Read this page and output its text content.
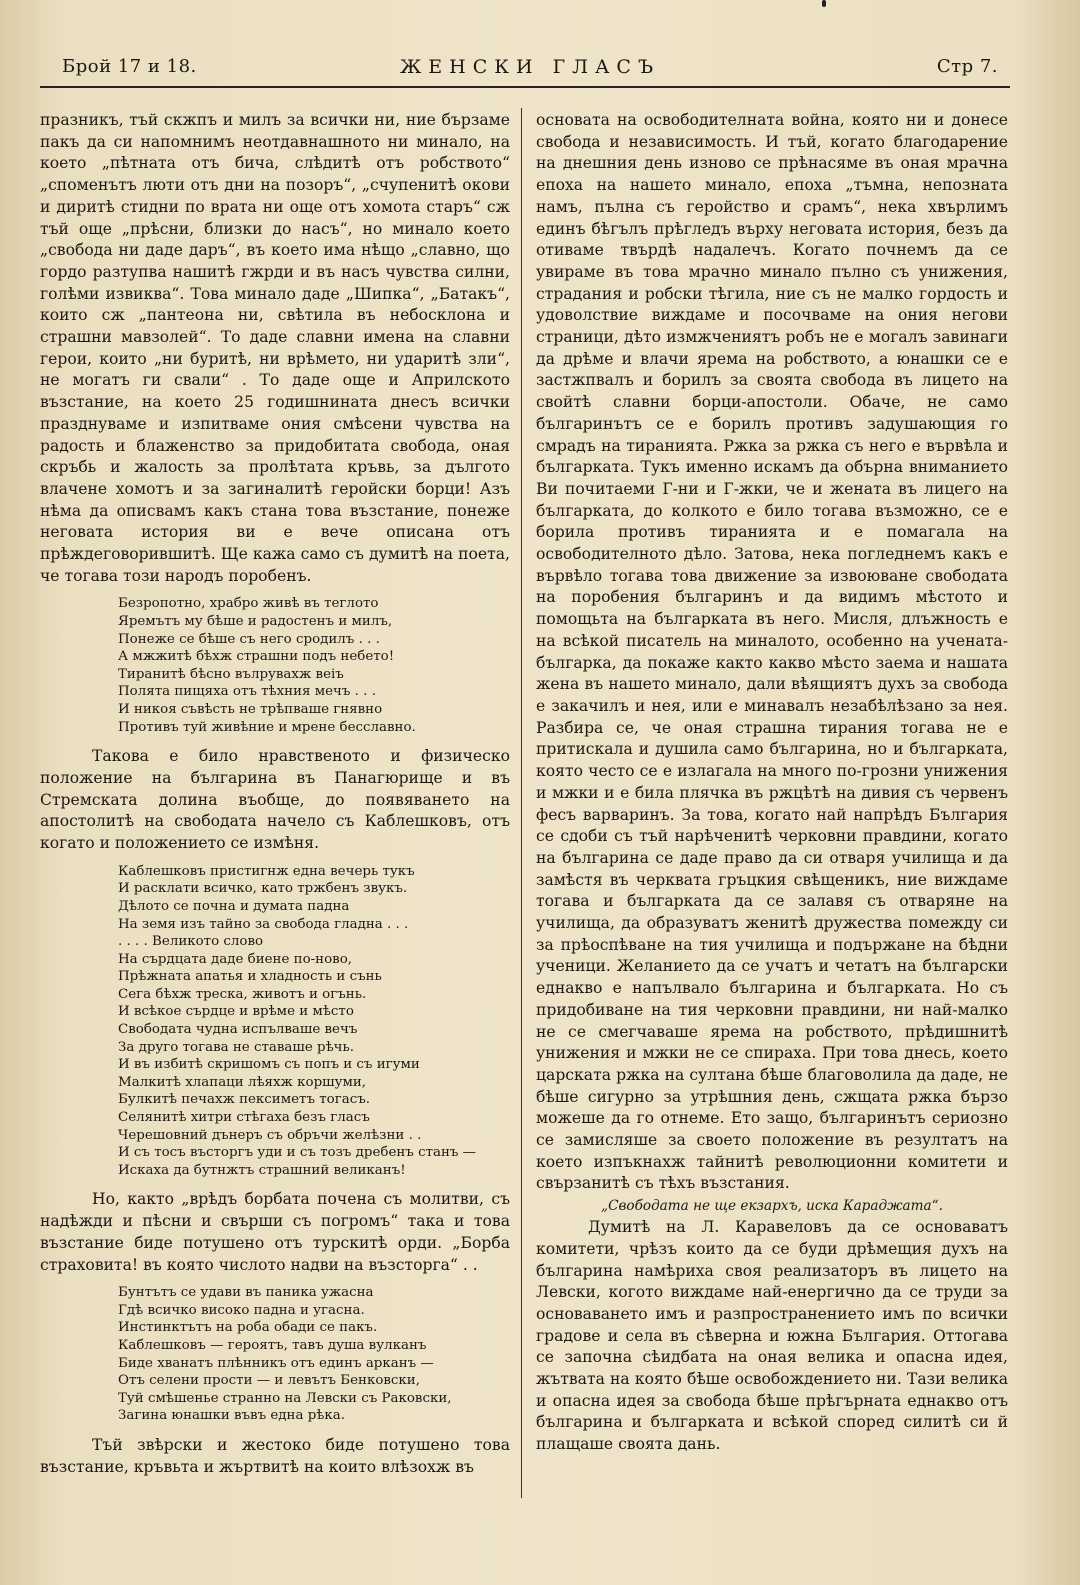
Брой 17 и 18.	ЖЕНСКИ ГЛАСЪ	Стр 7.

празникъ, тъй скжпъ и милъ за всички ни, ние бързаме пакъ да си напомнимъ неотдавнашното ни минало, на което „пѣтната отъ бича, слѣдитѣ отъ робството“ „споменътъ люти отъ дни на позоръ“, „счупенитѣ окови и диритѣ стидни по врата ни още отъ хомота старъ“ сж тъй още „прѣсни, близки до насъ“, но минало което „свобода ни даде даръ“, въ което има нѣщо „славно, що гордо разтупва нашитѣ гжрди и въ насъ чувства силни, голѣми извиква“. Това минало даде „Шипка“, „Батакъ“, които сж „пантеона ни, свѣтила въ небосклона и страшни мавзолей“. То даде славни имена на славни герои, които „ни буритѣ, ни врѣмето, ни ударитѣ зли“, не могатъ ги свали“ . То даде още и Априлското възстание, на което 25 годишнината днесъ всички празднуваме и изпитваме ония смѣсени чувства на радость и блаженство за придобитата свобода, оная скръбь и жалость за пролѣтата кръвь, за дългото влачене хомотъ и за загиналитѣ геройски борци! Азъ нѣма да описвамъ какъ стана това възстание, понеже неговата история ви е вече описана отъ прѣждеговорившитѣ. Ще кажа само съ думитѣ на поета, че тогава този народъ поробенъ.

Безропотно, храбро живѣ въ теглото
Яремътъ му бѣше и радостенъ и милъ,
Понеже се бѣше съ него сродилъ . . .
А мжжитѣ бѣхж страшни подъ небето!
Тиранитѣ бѣсно вълрувахж веiъ
Полята пищяха отъ тѣхния мечъ . . .
И никоя съвѣсть не трѣпваше гнявно
Противъ туй живѣние и мрене бесславно.

Такова е било нравственото и физическо положение на българина въ Панагюрище и въ Стремската долина въобще, до появяването на апостолитѣ на свободата начело съ Каблешковъ, отъ когато и положението се измѣня.

Каблешковъ пристигнж една вечерь тукъ
И расклати всичко, като тржбенъ звукъ.
Дѣлото се почна и думата падна
На земя изъ тайно за свобода гладна . . .
. . . . Великото слово
На сърдцата даде биене по-ново,
Прѣжната апатья и хладность и сънь
Сега бѣхж треска, животъ и огънь.
И всѣкое сърдце и врѣме и мѣсто
Свободата чудна испълваше вечъ
За друго тогава не ставаше рѣчь.
И въ избитѣ скришомъ съ попъ и съ игуми
Малкитѣ хлапаци лѣяхж коршуми,
Булкитѣ печахж пексиметъ тогасъ.
Селянитѣ хитри стѣгаха безъ гласъ
Черешовний дънеръ съ обръчи желѣзни . .
И съ тосъ въсторгъ уди и съ тозъ дребенъ станъ —
Искаха да бутнжтъ страшний великанъ!

Но, както „врѣдъ борбата почена съ молитви, съ надѣжди и пѣсни и свърши съ погромъ“ така и това възстание биде потушено отъ турскитѣ орди. „Борба страховита! въ която числото надви на възсторга“ . .

Бунтътъ се удави въ паника ужасна
Гдѣ всичко високо падна и угасна.
Инстинктътъ на роба обади се пакъ.
Каблешковъ — героятъ, тавъ душа вулканъ
Биде хванатъ плѣнникъ отъ единъ арканъ —
Отъ селени прости — и левътъ Бенковски,
Туй смѣшенье странно на Левски съ Раковски,
Загина юнашки въвъ една рѣка.

Тъй звѣрски и жестоко биде потушено това възстание, кръвьта и жъртвитѣ на които влѣзохж въ

основата на освободителната война, която ни и донесе свобода и независимость. И тъй, когато благодарение на днешния день изново се прѣнасяме въ оная мрачна епоха на нашето минало, епоха „тъмна, непозната намъ, пълна съ геройство и срамъ“, нека хвърлимъ единъ бѣгълъ прѣгледъ върху неговата история, безъ да отиваме твърдѣ надалечъ. Когато почнемъ да се увираме въ това мрачно минало пълно съ унижения, страдания и робски тѣгила, ние съ не малко гордость и удоволствие виждаме и посочваме на ония негови страници, дѣто измжчениятъ робъ не е могалъ завинаги да дрѣме и влачи ярема на робството, а юнашки се е застжпвалъ и борилъ за своята свобода въ лицето на свойтѣ славни борци-апостоли. Обаче, не само българинътъ се е борилъ противъ задушающия го смрадъ на тиранията. Ржка за ржка съ него е вървѣла и българката. Тукъ именно искамъ да обърна вниманието Ви почитаеми Г-ни и Г-жки, че и жената въ лицего на българката, до колкото е било тогава възможно, се е борила противъ тиранията и е помагала на освободителното дѣло. Затова, нека погледнемъ какъ е вървѣло тогава това движение за извоюване свободата на поробения българинъ и да видимъ мѣстото и помощьта на българката въ него. Мисля, длъжность е на всѣкой писатель на миналото, особенно на учената-българка, да покаже както какво мѣсто заема и нашата жена въ нашето минало, дали вѣящиятъ духъ за свобода е закачилъ и нея, или е минавалъ незабѣлѣзано за нея. Разбира се, че оная страшна тирания тогава не е притискала и душила само българина, но и българката, която често се е излагала на много по-грозни унижения и мжки и е била плячка въ ржцѣтѣ на дивия съ червенъ фесъ варваринъ. За това, когато най напрѣдъ България се сдоби съ тъй нарѣченитѣ черковни правдини, когато на българина се даде право да си отваря училища и да замѣстя въ черквата гръцкия свѣщеникъ, ние виждаме тогава и българката да се залавя съ отваряне на училища, да образуватъ женитѣ дружества помежду си за прѣоспѣване на тия училища и подържане на бѣдни ученици. Желанието да се учатъ и четатъ на български еднакво е напълвало българина и българката. Но съ придобиване на тия черковни правдини, ни най-малко не се смегчаваше ярема на робството, прѣдишнитѣ унижения и мжки не се спираха. При това днесь, което царската ржка на султана бѣше благоволила да даде, не бѣше сигурно за утрѣшния день, сжщата ржка бързо можеше да го отнеме. Ето защо, българинътъ сериозно се замисляше за своето положение въ резултатъ на което изпъкнахж тайнитѣ революционни комитети и свързанитѣ съ тѣхъ възстания.

„Свободата не ще екзархъ, иска Караджата“.

Думитѣ на Л. Каравеловъ да се основаватъ комитети, чрѣзъ които да се буди дрѣмещия духъ на българина намѣриха своя реализаторъ въ лицето на Левски, когото виждаме най-енергично да се труди за основаването имъ и разпространението имъ по всички градове и села въ сѣверна и южна България. Оттогава се започна сѣидбата на оная велика и опасна идея, жътвата на която бѣше освобождението ни. Тази велика и опасна идея за свобода бѣше прѣгърната еднакво отъ българина и българката и всѣкой според силитѣ си й плащаше своята дань.
